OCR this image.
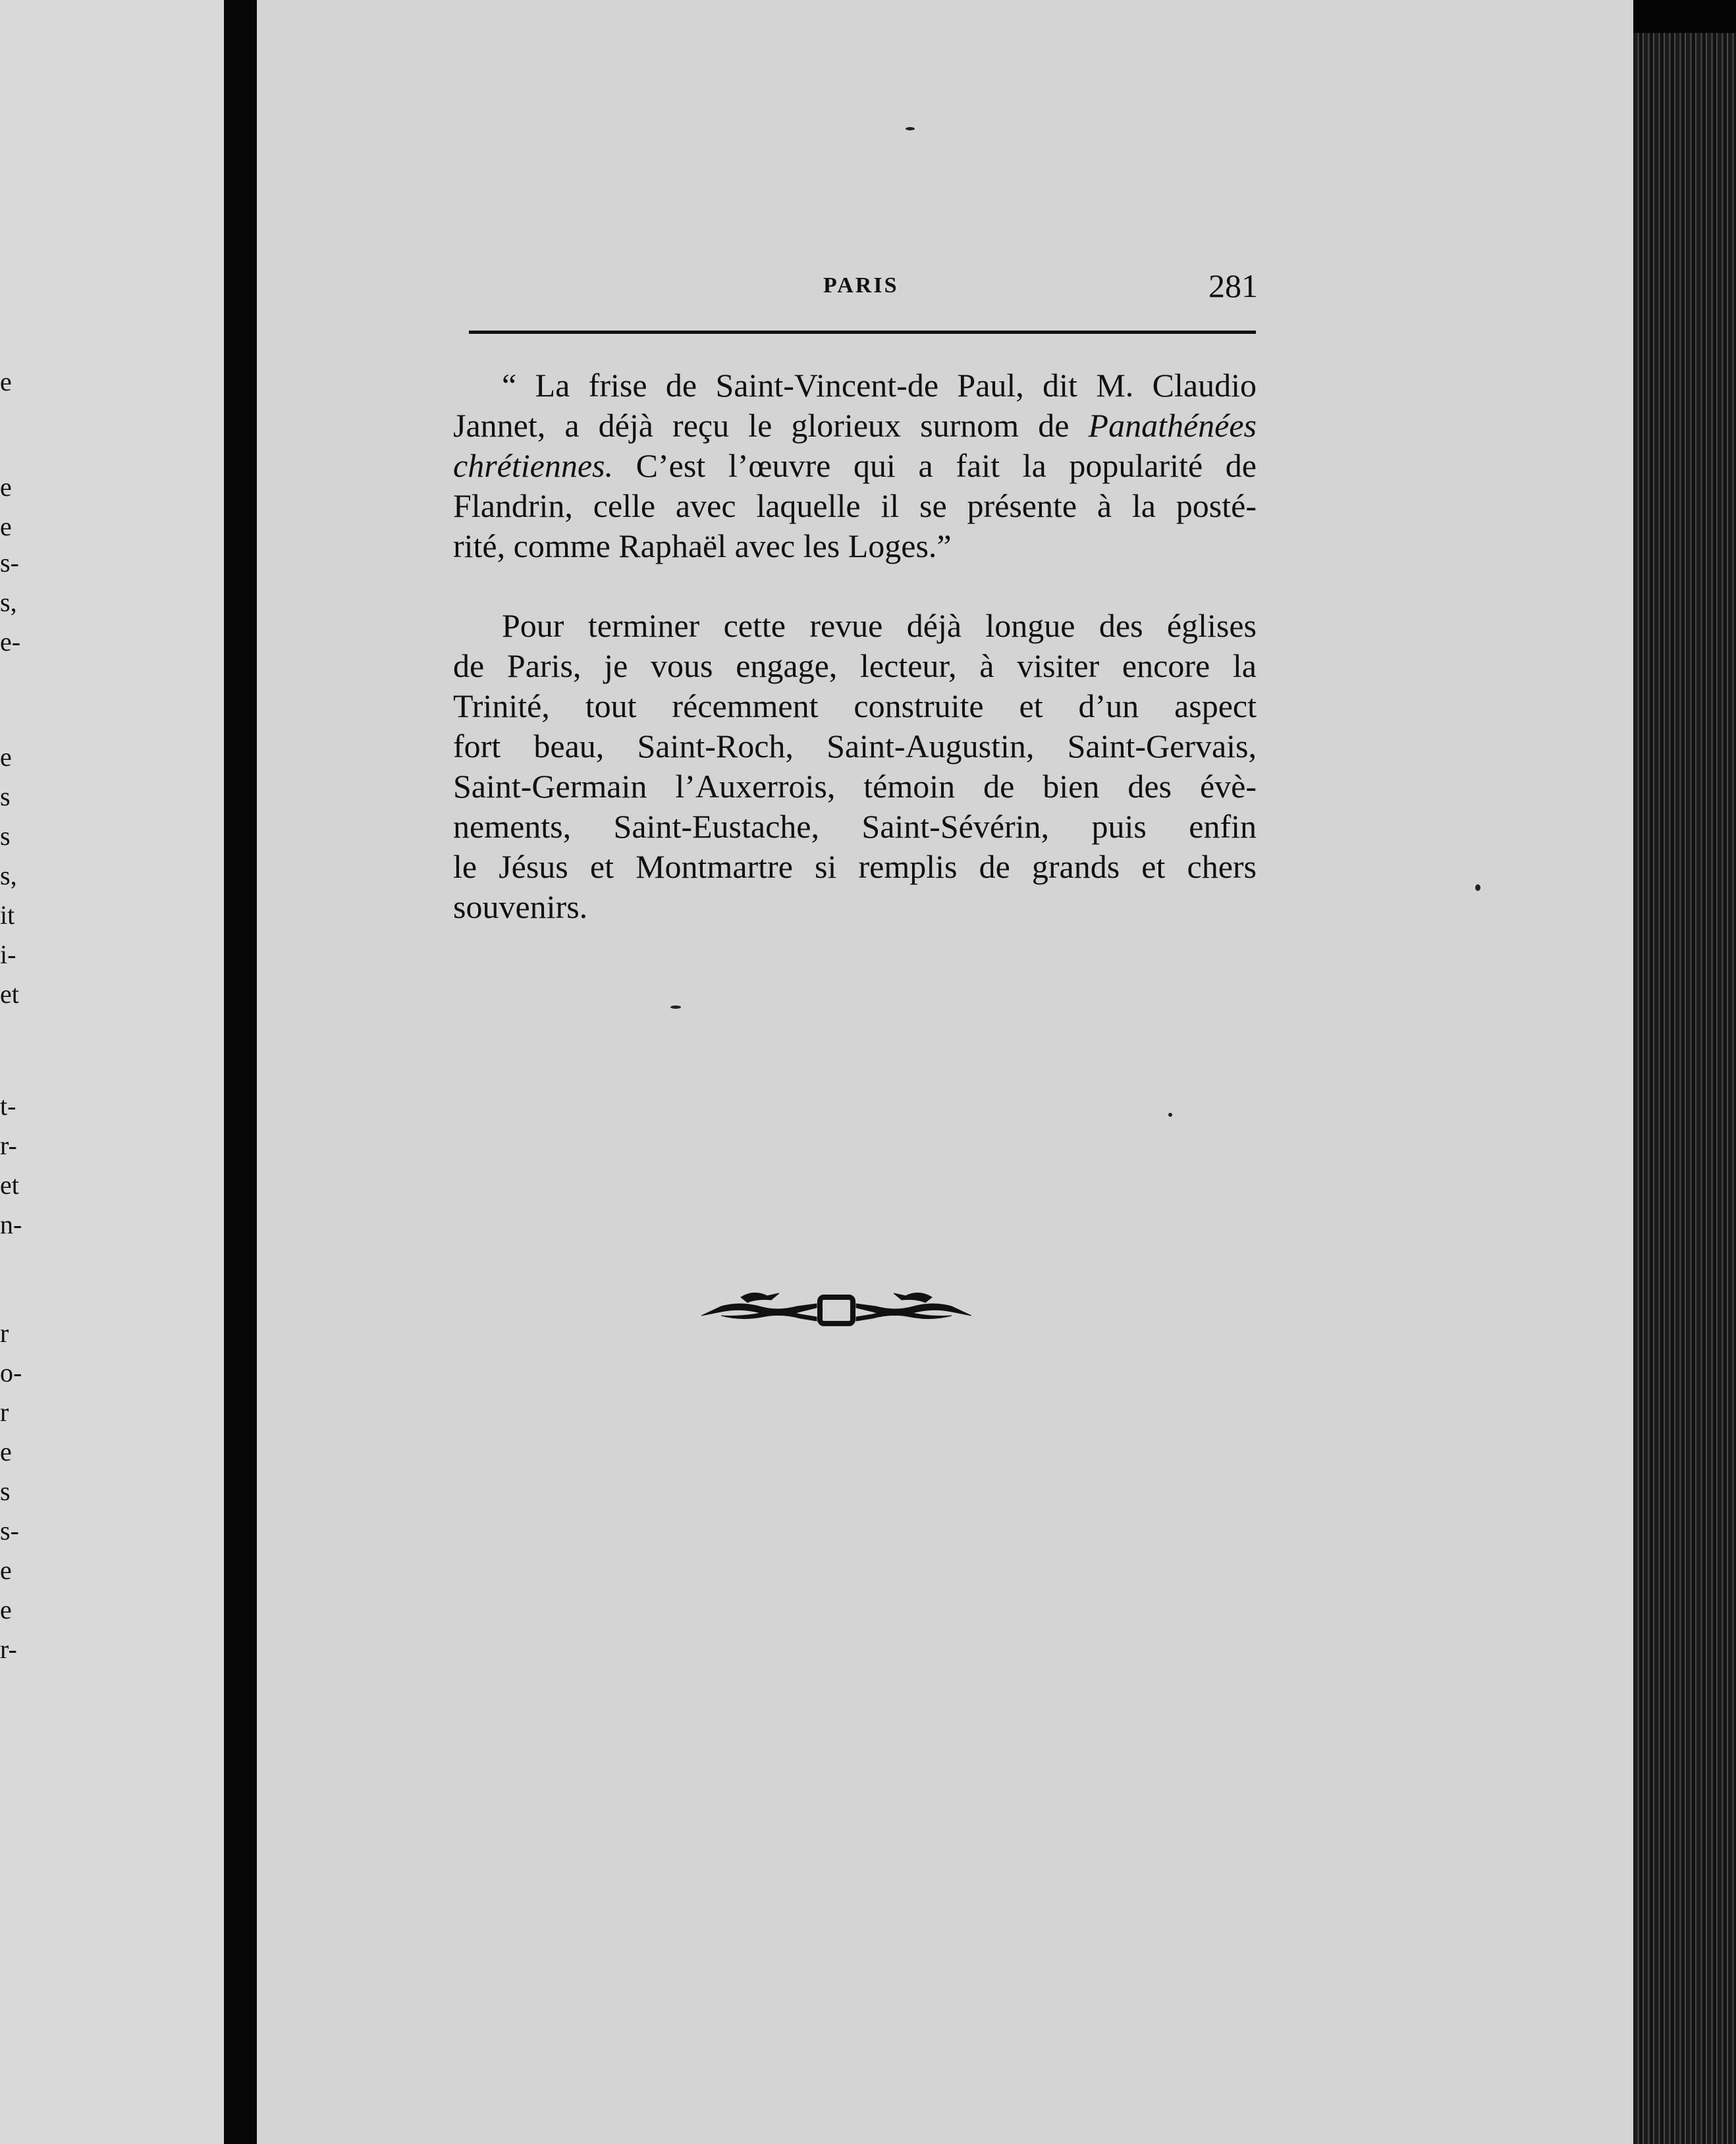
e
e
e
s-
s,
e-
e
s
s
s,
it
i-
et
t-
r-
et
n-
r
o-
r
e
s
s-
e
e
r-
PARIS	281

“ La frise de Saint-Vincent-de Paul, dit M. Claudio
Jannet, a déjà reçu le glorieux surnom de Panathénées
chrétiennes. C’est l’œuvre qui a fait la popularité de
Flandrin, celle avec laquelle il se présente à la posté-
rité, comme Raphaël avec les Loges.”

Pour terminer cette revue déjà longue des églises
de Paris, je vous engage, lecteur, à visiter encore la
Trinité, tout récemment construite et d’un aspect
fort beau, Saint-Roch, Saint-Augustin, Saint-Gervais,
Saint-Germain l’Auxerrois, témoin de bien des évè-
nements, Saint-Eustache, Saint-Sévérin, puis enfin
le Jésus et Montmartre si remplis de grands et chers
souvenirs.
